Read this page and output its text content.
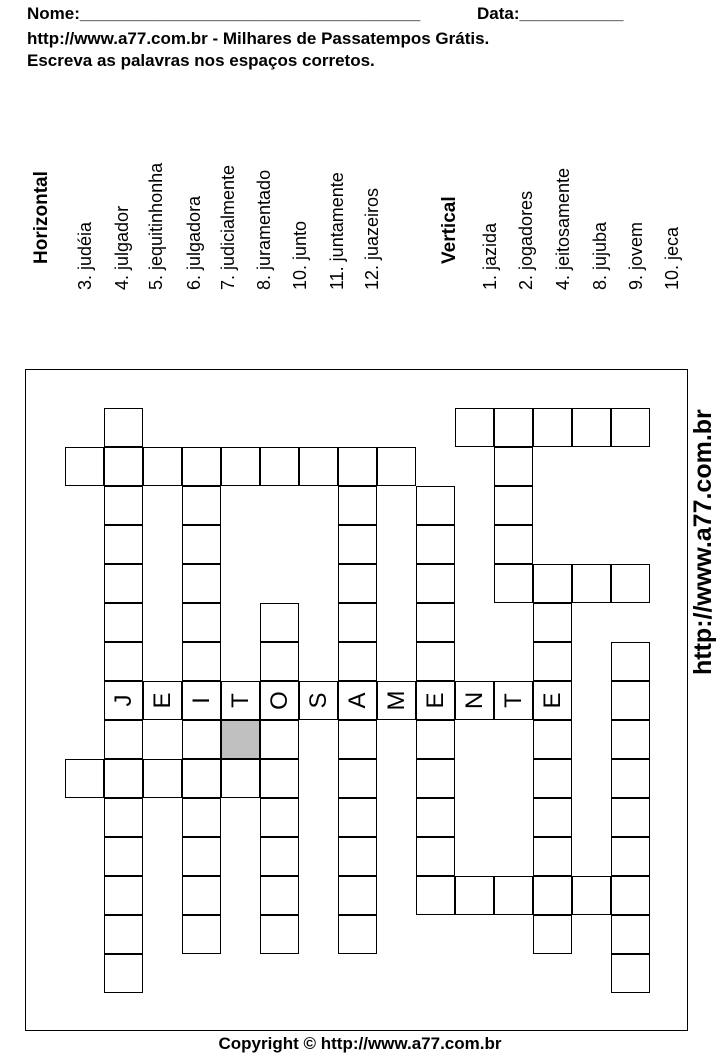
Nome:____________________________________	Data:___________
http://www.a77.com.br - Milhares de Passatempos Grátis.
Escreva as palavras nos espaços corretos.
Horizontal 3. judéia 4. julgador 5. jequitinhonha 6. julgadora 7. judicialmente 8. juramentado 10. junto 11. juntamente 12. juazeiros	Vertical 1. jazida 2. jogadores 4. jeitosamente 8. jujuba 9. jovem 10. jeca
J E I T O S A M E N T E
http://www.a77.com.br
Copyright © http://www.a77.com.br
